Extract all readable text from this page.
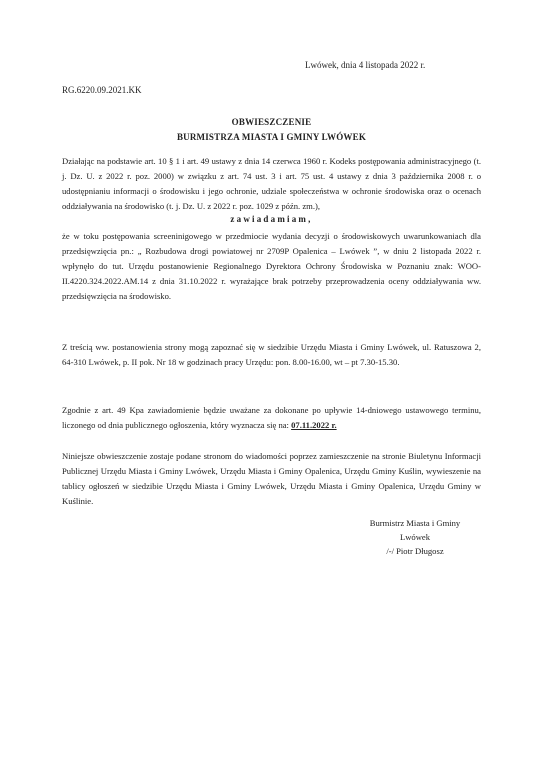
Lwówek, dnia 4 listopada 2022 r.
RG.6220.09.2021.KK
OBWIESZCZENIE
BURMISTRZA MIASTA I GMINY LWÓWEK
Działając na podstawie art. 10 § 1 i art. 49 ustawy z dnia 14 czerwca 1960 r. Kodeks postępowania administracyjnego (t. j. Dz. U. z 2022 r. poz. 2000) w związku z art. 74 ust. 3 i art. 75 ust. 4 ustawy z dnia 3 października 2008 r. o udostępnianiu informacji o środowisku i jego ochronie, udziale społeczeństwa w ochronie środowiska oraz o ocenach oddziaływania na środowisko (t. j. Dz. U. z 2022 r. poz. 1029 z późn. zm.),
zawiadamiam,
że w toku postępowania screeninigowego w przedmiocie wydania decyzji o środowiskowych uwarunkowaniach dla przedsięwzięcia pn.: „ Rozbudowa drogi powiatowej nr 2709P Opalenica – Lwówek ”, w dniu 2 listopada 2022 r. wpłynęło do tut. Urzędu postanowienie Regionalnego Dyrektora Ochrony Środowiska w Poznaniu znak: WOO-II.4220.324.2022.AM.14 z dnia 31.10.2022 r. wyrażające brak potrzeby przeprowadzenia oceny oddziaływania ww. przedsięwzięcia na środowisko.
Z treścią ww. postanowienia strony mogą zapoznać się w siedzibie Urzędu Miasta i Gminy Lwówek, ul. Ratuszowa 2, 64-310 Lwówek, p. II pok. Nr 18 w godzinach pracy Urzędu: pon. 8.00-16.00, wt – pt 7.30-15.30.
Zgodnie z art. 49 Kpa zawiadomienie będzie uważane za dokonane po upływie 14-dniowego ustawowego terminu, liczonego od dnia publicznego ogłoszenia, który wyznacza się na: 07.11.2022 r.
Niniejsze obwieszczenie zostaje podane stronom do wiadomości poprzez zamieszczenie na stronie Biuletynu Informacji Publicznej Urzędu Miasta i Gminy Lwówek, Urzędu Miasta i Gminy Opalenica, Urzędu Gminy Kuślin, wywieszenie na tablicy ogłoszeń w siedzibie Urzędu Miasta i Gminy Lwówek, Urzędu Miasta i Gminy Opalenica, Urzędu Gminy w Kuślinie.
Burmistrz Miasta i Gminy
Lwówek
/-/ Piotr Długosz
